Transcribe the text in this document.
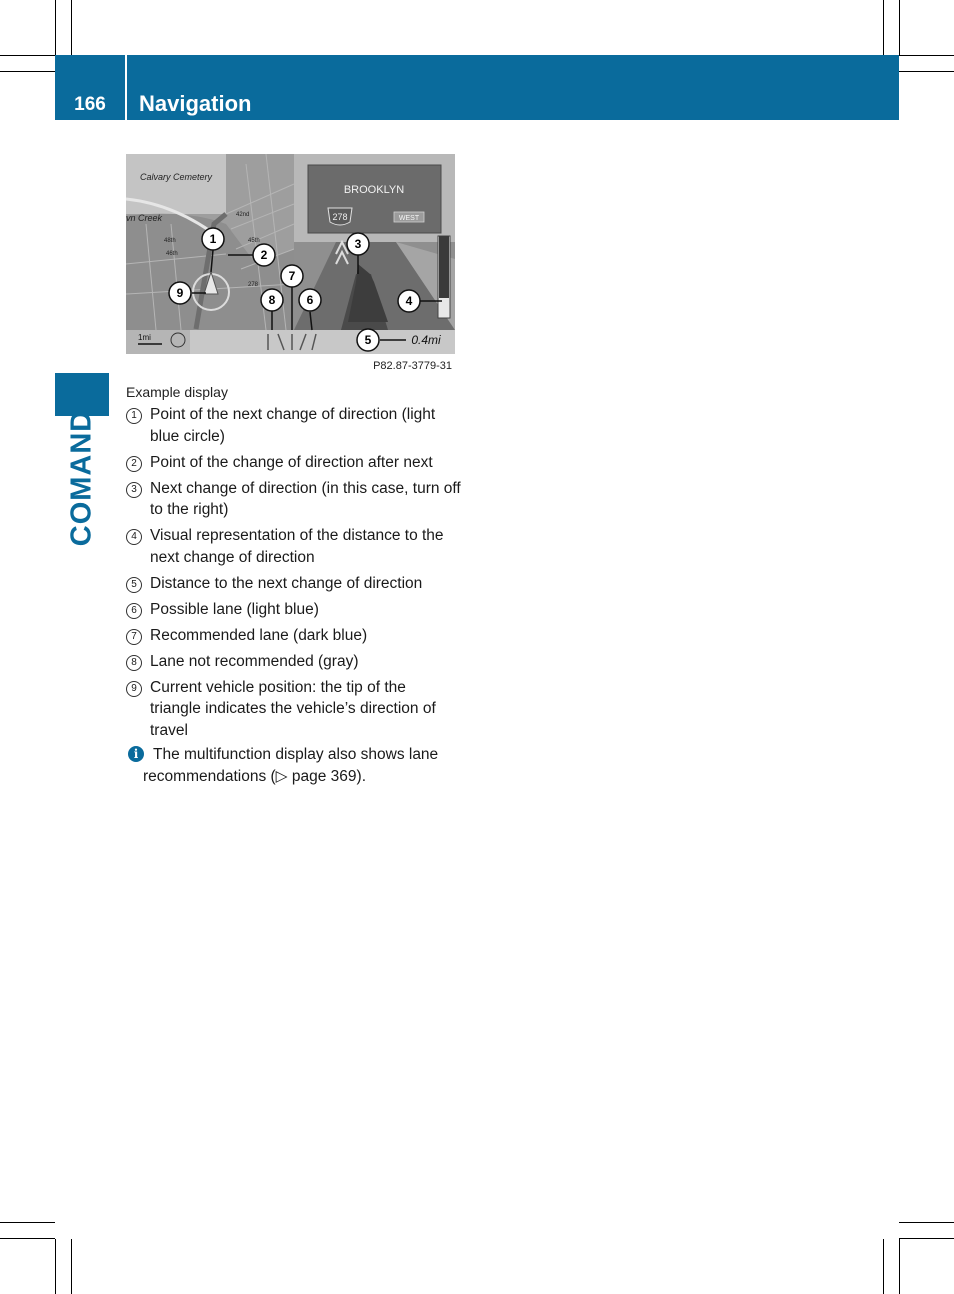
166	Navigation
COMAND
Calvary Cemetery
vn Creek	42nd
48th
46th
45th
278
BROOKLYN
278	WEST
1mi	0.4mi
1
2
3
4
5
6
7
8
9
P82.87-3779-31
Example display
1 Point of the next change of direction (light blue circle)
2 Point of the change of direction after next
3 Next change of direction (in this case, turn off to the right)
4 Visual representation of the distance to the next change of direction
5 Distance to the next change of direction
6 Possible lane (light blue)
7 Recommended lane (dark blue)
8 Lane not recommended (gray)
9 Current vehicle position: the tip of the triangle indicates the vehicle’s direction of travel
i The multifunction display also shows lane recommendations (▷ page 369).
